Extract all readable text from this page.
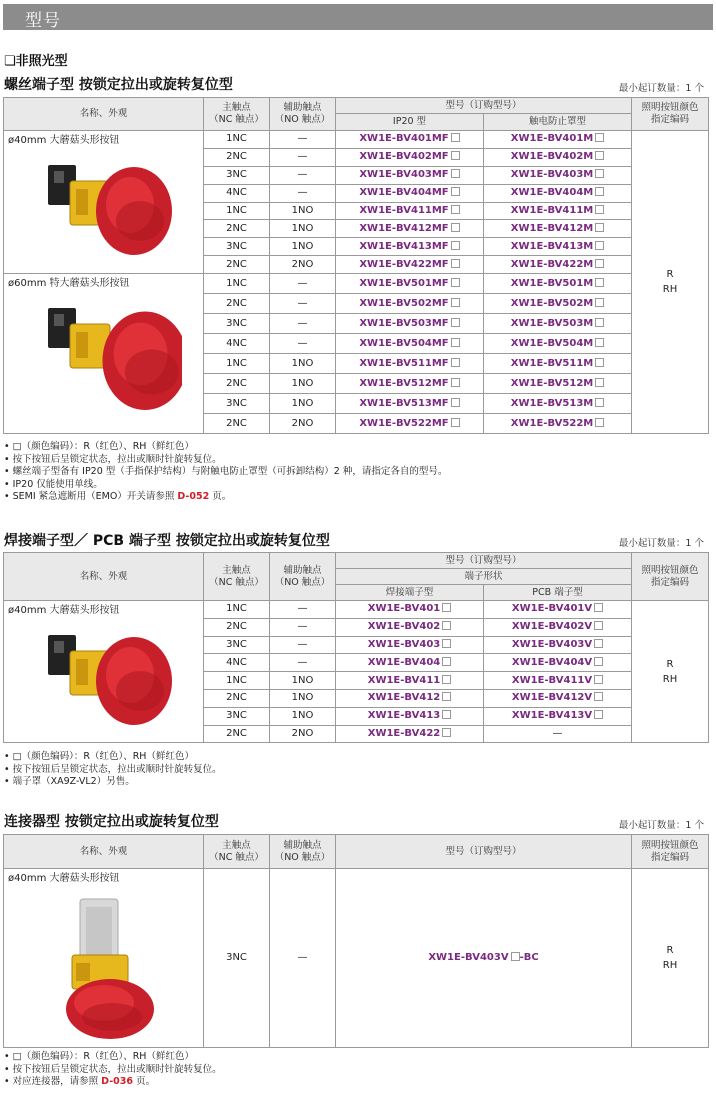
型号
❏非照光型
螺丝端子型 按锁定拉出或旋转复位型	最小起订数量：1 个
名称、外观	主触点
（NC 触点）	辅助触点
（NO 触点）	型号（订购型号）		照明按钮颜色
指定编码
			IP20 型	触电防止罩型	
ø40mm 大蘑菇头形按钮	1NC	—	XW1E-BV401MF	XW1E-BV401M	R
RH
	2NC	—	XW1E-BV402MF	XW1E-BV402M	
	3NC	—	XW1E-BV403MF	XW1E-BV403M	
	4NC	—	XW1E-BV404MF	XW1E-BV404M	
	1NC	1NO	XW1E-BV411MF	XW1E-BV411M	
	2NC	1NO	XW1E-BV412MF	XW1E-BV412M	
	3NC	1NO	XW1E-BV413MF	XW1E-BV413M	
	2NC	2NO	XW1E-BV422MF	XW1E-BV422M	
ø60mm 特大蘑菇头形按钮	1NC	—	XW1E-BV501MF	XW1E-BV501M	
	2NC	—	XW1E-BV502MF	XW1E-BV502M	
	3NC	—	XW1E-BV503MF	XW1E-BV503M	
	4NC	—	XW1E-BV504MF	XW1E-BV504M	
	1NC	1NO	XW1E-BV511MF	XW1E-BV511M	
	2NC	1NO	XW1E-BV512MF	XW1E-BV512M	
	3NC	1NO	XW1E-BV513MF	XW1E-BV513M	
	2NC	2NO	XW1E-BV522MF	XW1E-BV522M	
• □（颜色编码）：R（红色）、RH（鲜红色）
• 按下按钮后呈锁定状态，拉出或顺时针旋转复位。
• 螺丝端子型备有 IP20 型（手指保护结构）与附触电防止罩型（可拆卸结构）2 种，请指定各自的型号。
• IP20 仅能使用单线。
• SEMI 紧急遮断用（EMO）开关请参照 D-052 页。
焊接端子型／ PCB 端子型 按锁定拉出或旋转复位型	最小起订数量：1 个
名称、外观	主触点
（NC 触点）	辅助触点
（NO 触点）	型号（订购型号）		照明按钮颜色
指定编码
			端子形状		
			焊接端子型	PCB 端子型	
ø40mm 大蘑菇头形按钮	1NC	—	XW1E-BV401	XW1E-BV401V	R
RH
	2NC	—	XW1E-BV402	XW1E-BV402V	
	3NC	—	XW1E-BV403	XW1E-BV403V	
	4NC	—	XW1E-BV404	XW1E-BV404V	
	1NC	1NO	XW1E-BV411	XW1E-BV411V	
	2NC	1NO	XW1E-BV412	XW1E-BV412V	
	3NC	1NO	XW1E-BV413	XW1E-BV413V	
	2NC	2NO	XW1E-BV422	—	
• □（颜色编码）：R（红色）、RH（鲜红色）
• 按下按钮后呈锁定状态，拉出或顺时针旋转复位。
• 端子罩（XA9Z-VL2）另售。
连接器型 按锁定拉出或旋转复位型	最小起订数量：1 个
名称、外观	主触点
（NC 触点）	辅助触点
（NO 触点）	型号（订购型号）	照明按钮颜色
指定编码
ø40mm 大蘑菇头形按钮	3NC	—	XW1E-BV403V -BC	R
RH
• □（颜色编码）：R（红色）、RH（鲜红色）
• 按下按钮后呈锁定状态，拉出或顺时针旋转复位。
• 对应连接器，请参照 D-036 页。
